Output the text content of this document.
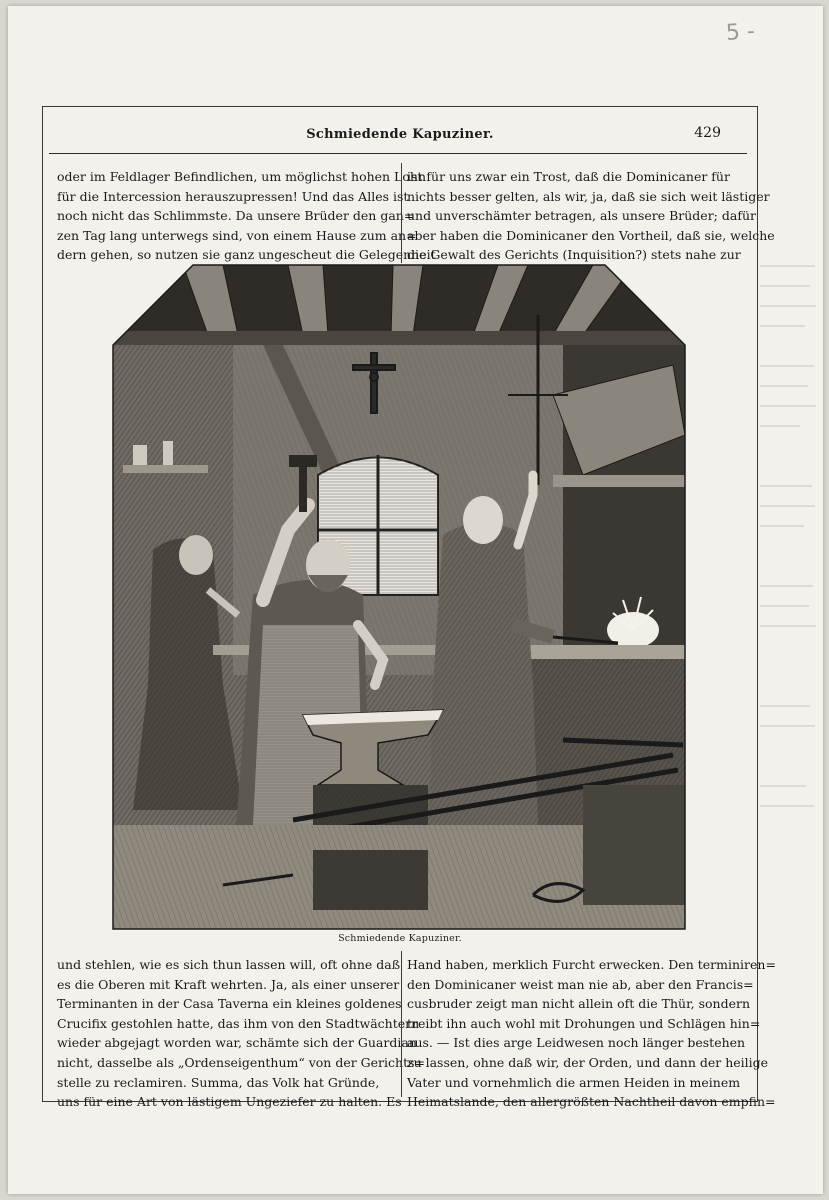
5 -
Schmiedende Kapuziner.	429
oder im Feldlager Befindlichen, um möglichst hohen Lohn
für die Intercession herauszupressen! Und das Alles ist
noch nicht das Schlimmste. Da unsere Brüder den gan=
zen Tag lang unterwegs sind, von einem Hause zum an=
dern gehen, so nutzen sie ganz ungescheut die Gelegenheit
ist für uns zwar ein Trost, daß die Dominicaner für
nichts besser gelten, als wir, ja, daß sie sich weit lästiger
und unverschämter betragen, als unsere Brüder; dafür
aber haben die Dominicaner den Vortheil, daß sie, welche
die Gewalt des Gerichts (Inquisition?) stets nahe zur
Schmiedende Kapuziner.
und stehlen, wie es sich thun lassen will, oft ohne daß
es die Oberen mit Kraft wehrten. Ja, als einer unserer
Terminanten in der Casa Taverna ein kleines goldenes
Crucifix gestohlen hatte, das ihm von den Stadtwächtern
wieder abgejagt worden war, schämte sich der Guardian
nicht, dasselbe als „Ordenseigenthum“ von der Gerichts=
stelle zu reclamiren. Summa, das Volk hat Gründe,
uns für eine Art von lästigem Ungeziefer zu halten. Es
Hand haben, merklich Furcht erwecken. Den terminiren=
den Dominicaner weist man nie ab, aber den Francis=
cusbruder zeigt man nicht allein oft die Thür, sondern
treibt ihn auch wohl mit Drohungen und Schlägen hin=
aus. — Ist dies arge Leidwesen noch länger bestehen
zu lassen, ohne daß wir, der Orden, und dann der heilige
Vater und vornehmlich die armen Heiden in meinem
Heimatslande, den allergrößten Nachtheil davon empfin=
